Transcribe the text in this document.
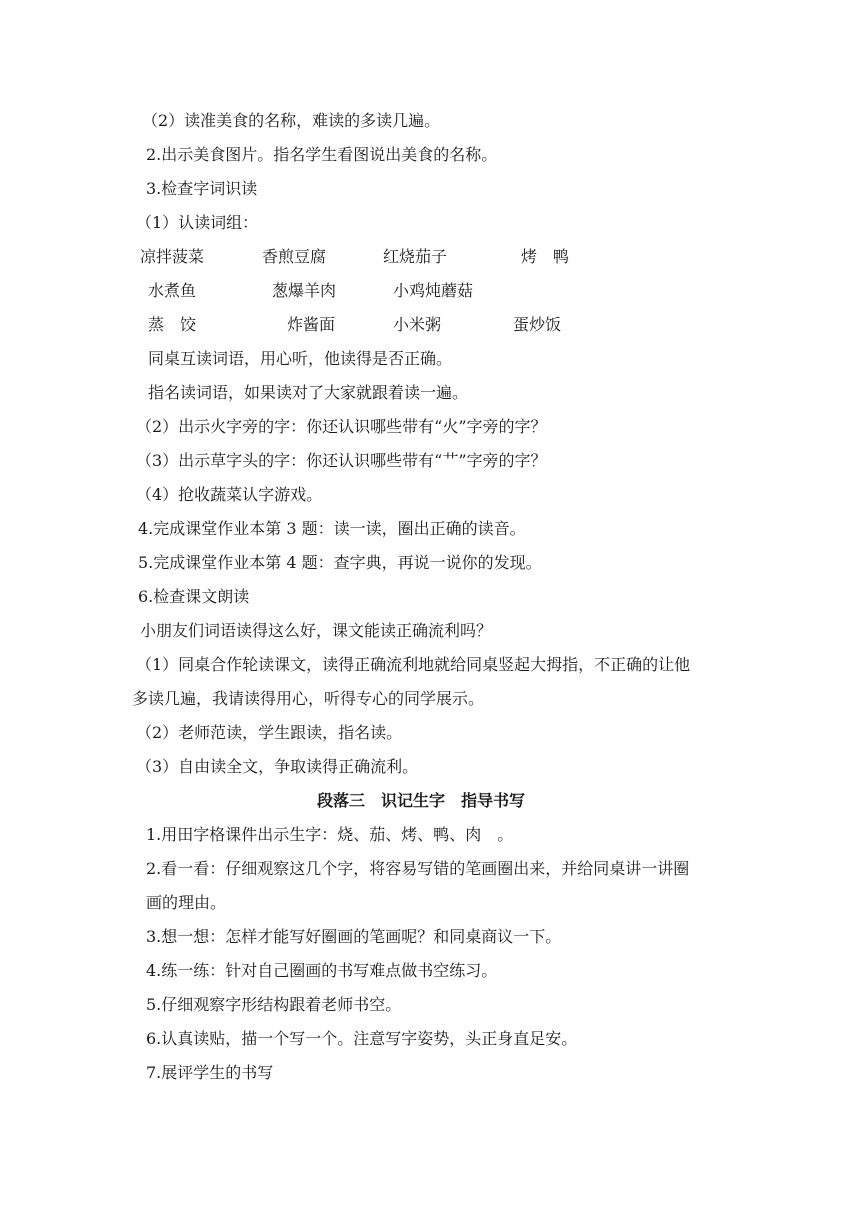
（2）读准美食的名称，难读的多读几遍。
2.出示美食图片。指名学生看图说出美食的名称。
3.检查字词识读
（1）认读词组：
凉拌菠菜	香煎豆腐	红烧茄子	烤　鸭
水煮鱼	葱爆羊肉	小鸡炖蘑菇
蒸　饺	炸酱面	小米粥	蛋炒饭
同桌互读词语，用心听，他读得是否正确。
指名读词语，如果读对了大家就跟着读一遍。
（2）出示火字旁的字：你还认识哪些带有“火”字旁的字？
（3）出示草字头的字：你还认识哪些带有“艹”字旁的字？
（4）抢收蔬菜认字游戏。
4.完成课堂作业本第 3 题：读一读，圈出正确的读音。
5.完成课堂作业本第 4 题：查字典，再说一说你的发现。
6.检查课文朗读
小朋友们词语读得这么好，课文能读正确流利吗？
（1）同桌合作轮读课文，读得正确流利地就给同桌竖起大拇指，不正确的让他
多读几遍，我请读得用心，听得专心的同学展示。
（2）老师范读，学生跟读，指名读。
（3）自由读全文，争取读得正确流利。
段落三　识记生字　指导书写
1.用田字格课件出示生字：烧、茄、烤、鸭、肉　。
2.看一看：仔细观察这几个字，将容易写错的笔画圈出来，并给同桌讲一讲圈
画的理由。
3.想一想：怎样才能写好圈画的笔画呢？和同桌商议一下。
4.练一练：针对自己圈画的书写难点做书空练习。
5.仔细观察字形结构跟着老师书空。
6.认真读贴，描一个写一个。注意写字姿势，头正身直足安。
7.展评学生的书写
